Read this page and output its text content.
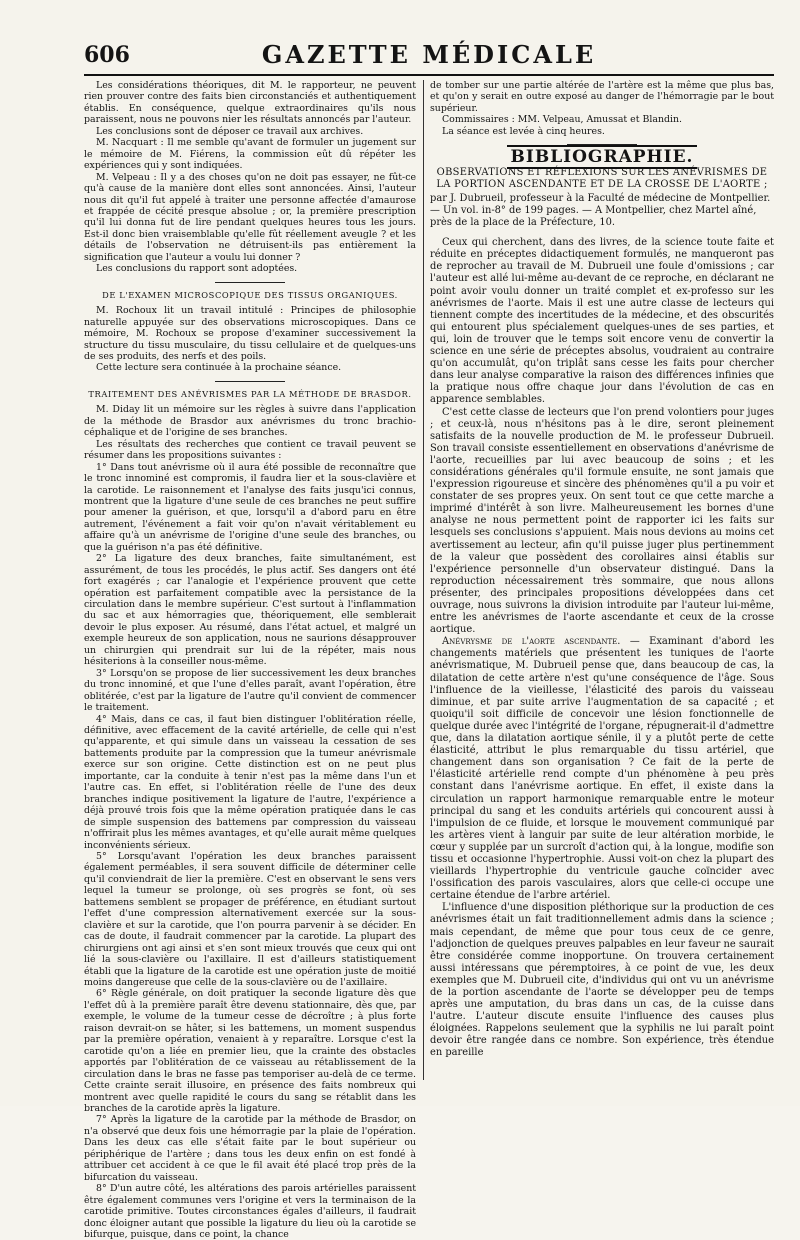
606	GAZETTE MÉDICALE

Les considérations théoriques, dit M. le rapporteur, ne peuvent rien prouver contre des faits bien circonstanciés et authentiquement établis. En conséquence, quelque extraordinaires qu'ils nous paraissent, nous ne pouvons nier les résultats annoncés par l'auteur.

Les conclusions sont de déposer ce travail aux archives.

M. Nacquart : Il me semble qu'avant de formuler un jugement sur le mémoire de M. Fiérens, la commission eût dû répéter les expériences qui y sont indiquées.

M. Velpeau : Il y a des choses qu'on ne doit pas essayer, ne fût-ce qu'à cause de la manière dont elles sont annoncées. Ainsi, l'auteur nous dit qu'il fut appelé à traiter une personne affectée d'amaurose et frappée de cécité presque absolue ; or, la première prescription qu'il lui donna fut de lire pendant quelques heures tous les jours. Est-il donc bien vraisemblable qu'elle fût réellement aveugle ? et les détails de l'observation ne détruisent-ils pas entièrement la signification que l'auteur a voulu lui donner ?

Les conclusions du rapport sont adoptées.

DE L'EXAMEN MICROSCOPIQUE DES TISSUS ORGANIQUES.

M. Rochoux lit un travail intitulé : Principes de philosophie naturelle appuyée sur des observations microscopiques. Dans ce mémoire, M. Rochoux se propose d'examiner successivement la structure du tissu musculaire, du tissu cellulaire et de quelques-uns de ses produits, des nerfs et des poils.

Cette lecture sera continuée à la prochaine séance.

TRAITEMENT DES ANÉVRISMES PAR LA MÉTHODE DE BRASDOR.

M. Diday lit un mémoire sur les règles à suivre dans l'application de la méthode de Brasdor aux anévrismes du tronc brachio-céphalique et de l'origine de ses branches.

Les résultats des recherches que contient ce travail peuvent se résumer dans les propositions suivantes :

1° Dans tout anévrisme où il aura été possible de reconnaître que le tronc innominé est compromis, il faudra lier et la sous-clavière et la carotide. Le raisonnement et l'analyse des faits jusqu'ici connus, montrent que la ligature d'une seule de ces branches ne peut suffire pour amener la guérison, et que, lorsqu'il a d'abord paru en être autrement, l'événement a fait voir qu'on n'avait véritablement eu affaire qu'à un anévrisme de l'origine d'une seule des branches, ou que la guérison n'a pas été définitive.

2° La ligature des deux branches, faite simultanément, est assurément, de tous les procédés, le plus actif. Ses dangers ont été fort exagérés ; car l'analogie et l'expérience prouvent que cette opération est parfaitement compatible avec la persistance de la circulation dans le membre supérieur. C'est surtout à l'inflammation du sac et aux hémorragies que, théoriquement, elle semblerait devoir le plus exposer. Au résumé, dans l'état actuel, et malgré un exemple heureux de son application, nous ne saurions désapprouver un chirurgien qui prendrait sur lui de la répéter, mais nous hésiterions à la conseiller nous-même.

3° Lorsqu'on se propose de lier successivement les deux branches du tronc innominé, et que l'une d'elles paraît, avant l'opération, être oblitérée, c'est par la ligature de l'autre qu'il convient de commencer le traitement.

4° Mais, dans ce cas, il faut bien distinguer l'oblitération réelle, définitive, avec effacement de la cavité artérielle, de celle qui n'est qu'apparente, et qui simule dans un vaisseau la cessation de ses battements produite par la compression que la tumeur anévrismale exerce sur son origine. Cette distinction est on ne peut plus importante, car la conduite à tenir n'est pas la même dans l'un et l'autre cas. En effet, si l'oblitération réelle de l'une des deux branches indique positivement la ligature de l'autre, l'expérience a déjà prouvé trois fois que la même opération pratiquée dans le cas de simple suspension des battemens par compression du vaisseau n'offrirait plus les mêmes avantages, et qu'elle aurait même quelques inconvénients sérieux.

5° Lorsqu'avant l'opération les deux branches paraissent également perméables, il sera souvent difficile de déterminer celle qu'il conviendrait de lier la première. C'est en observant le sens vers lequel la tumeur se prolonge, où ses progrès se font, où ses battemens semblent se propager de préférence, en étudiant surtout l'effet d'une compression alternativement exercée sur la sous-clavière et sur la carotide, que l'on pourra parvenir à se décider. En cas de doute, il faudrait commencer par la carotide. La plupart des chirurgiens ont agi ainsi et s'en sont mieux trouvés que ceux qui ont lié la sous-clavière ou l'axillaire. Il est d'ailleurs statistiquement établi que la ligature de la carotide est une opération juste de moitié moins dangereuse que celle de la sous-clavière ou de l'axillaire.

6° Règle générale, on doit pratiquer la seconde ligature dès que l'effet dû à la première paraît être devenu stationnaire, dès que, par exemple, le volume de la tumeur cesse de décroître ; à plus forte raison devrait-on se hâter, si les battemens, un moment suspendus par la première opération, venaient à y reparaître. Lorsque c'est la carotide qu'on a liée en premier lieu, que la crainte des obstacles apportés par l'oblitération de ce vaisseau au rétablissement de la circulation dans le bras ne fasse pas temporiser au-delà de ce terme. Cette crainte serait illusoire, en présence des faits nombreux qui montrent avec quelle rapidité le cours du sang se rétablit dans les branches de la carotide après la ligature.

7° Après la ligature de la carotide par la méthode de Brasdor, on n'a observé que deux fois une hémorragie par la plaie de l'opération. Dans les deux cas elle s'était faite par le bout supérieur ou périphérique de l'artère ; dans tous les deux enfin on est fondé à attribuer cet accident à ce que le fil avait été placé trop près de la bifurcation du vaisseau.

8° D'un autre côté, les altérations des parois artérielles paraissent être également communes vers l'origine et vers la terminaison de la carotide primitive. Toutes circonstances égales d'ailleurs, il faudrait donc éloigner autant que possible la ligature du lieu où la carotide se bifurque, puisque, dans ce point, la chance

de tomber sur une partie altérée de l'artère est la même que plus bas, et qu'on y serait en outre exposé au danger de l'hémorragie par le bout supérieur.

Commissaires : MM. Velpeau, Amussat et Blandin.

La séance est levée à cinq heures.

BIBLIOGRAPHIE.

OBSERVATIONS ET RÉFLEXIONS SUR LES ANÉVRISMES DE LA PORTION ASCENDANTE ET DE LA CROSSE DE L'AORTE ;

par J. Dubrueil, professeur à la Faculté de médecine de Montpellier. — Un vol. in-8° de 199 pages. — A Montpellier, chez Martel aîné, près de la place de la Préfecture, 10.

Ceux qui cherchent, dans des livres, de la science toute faite et réduite en préceptes didactiquement formulés, ne manqueront pas de reprocher au travail de M. Dubrueil une foule d'omissions ; car l'auteur est allé lui-même au-devant de ce reproche, en déclarant ne point avoir voulu donner un traité complet et ex-professo sur les anévrismes de l'aorte. Mais il est une autre classe de lecteurs qui tiennent compte des incertitudes de la médecine, et des obscurités qui entourent plus spécialement quelques-unes de ses parties, et qui, loin de trouver que le temps soit encore venu de convertir la science en une série de préceptes absolus, voudraient au contraire qu'on accumulât, qu'on triplât sans cesse les faits pour chercher dans leur analyse comparative la raison des différences infinies que la pratique nous offre chaque jour dans l'évolution de cas en apparence semblables.

C'est cette classe de lecteurs que l'on prend volontiers pour juges ; et ceux-là, nous n'hésitons pas à le dire, seront pleinement satisfaits de la nouvelle production de M. le professeur Dubrueil. Son travail consiste essentiellement en observations d'anévrisme de l'aorte, recueillies par lui avec beaucoup de soins ; et les considérations générales qu'il formule ensuite, ne sont jamais que l'expression rigoureuse et sincère des phénomènes qu'il a pu voir et constater de ses propres yeux. On sent tout ce que cette marche a imprimé d'intérêt à son livre. Malheureusement les bornes d'une analyse ne nous permettent point de rapporter ici les faits sur lesquels ses conclusions s'appuient. Mais nous devions au moins cet avertissement au lecteur, afin qu'il puisse juger plus pertinemment de la valeur que possèdent des corollaires ainsi établis sur l'expérience personnelle d'un observateur distingué. Dans la reproduction nécessairement très sommaire, que nous allons présenter, des principales propositions développées dans cet ouvrage, nous suivrons la division introduite par l'auteur lui-même, entre les anévrismes de l'aorte ascendante et ceux de la crosse aortique.

Anévrysme de l'aorte ascendante. — Examinant d'abord les changements matériels que présentent les tuniques de l'aorte anévrismatique, M. Dubrueil pense que, dans beaucoup de cas, la dilatation de cette artère n'est qu'une conséquence de l'âge. Sous l'influence de la vieillesse, l'élasticité des parois du vaisseau diminue, et par suite arrive l'augmentation de sa capacité ; et quoiqu'il soit difficile de concevoir une lésion fonctionnelle de quelque durée avec l'intégrité de l'organe, répugnerait-il d'admettre que, dans la dilatation aortique sénile, il y a plutôt perte de cette élasticité, attribut le plus remarquable du tissu artériel, que changement dans son organisation ? Ce fait de la perte de l'élasticité artérielle rend compte d'un phénomène à peu près constant dans l'anévrisme aortique. En effet, il existe dans la circulation un rapport harmonique remarquable entre le moteur principal du sang et les conduits artériels qui concourent aussi à l'impulsion de ce fluide, et lorsque le mouvement communiqué par les artères vient à languir par suite de leur altération morbide, le cœur y supplée par un surcroît d'action qui, à la longue, modifie son tissu et occasionne l'hypertrophie. Aussi voit-on chez la plupart des vieillards l'hypertrophie du ventricule gauche coïncider avec l'ossification des parois vasculaires, alors que celle-ci occupe une certaine étendue de l'arbre artériel.

L'influence d'une disposition pléthorique sur la production de ces anévrismes était un fait traditionnellement admis dans la science ; mais cependant, de même que pour tous ceux de ce genre, l'adjonction de quelques preuves palpables en leur faveur ne saurait être considérée comme inopportune. On trouvera certainement aussi intéressans que péremptoires, à ce point de vue, les deux exemples que M. Dubrueil cite, d'individus qui ont vu un anévrisme de la portion ascendante de l'aorte se développer peu de temps après une amputation, du bras dans un cas, de la cuisse dans l'autre. L'auteur discute ensuite l'influence des causes plus éloignées. Rappelons seulement que la syphilis ne lui paraît point devoir être rangée dans ce nombre. Son expérience, très étendue en pareille
